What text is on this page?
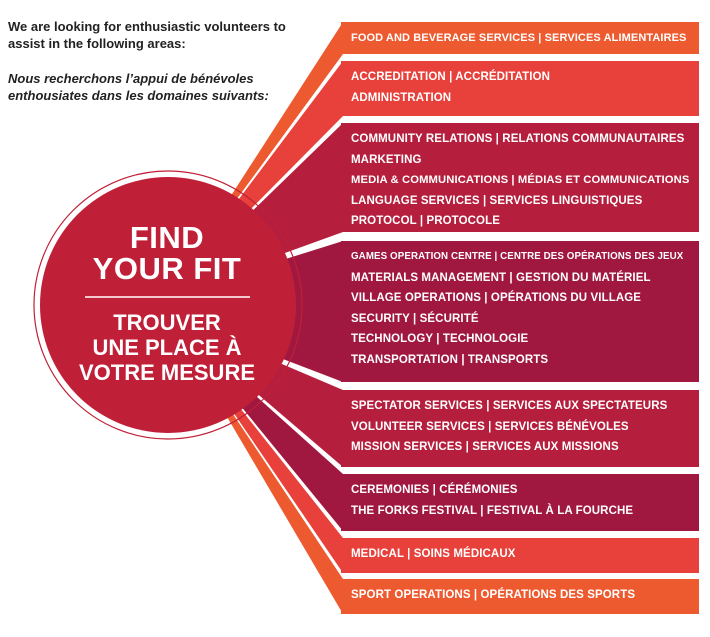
We are looking for enthusiastic volunteers to assist in the following areas:

Nous recherchons l’appui de bénévoles enthousiates dans les domaines suivants:

FIND
YOUR FIT
TROUVER
UNE PLACE À
VOTRE MESURE
FOOD AND BEVERAGE SERVICES | SERVICES ALIMENTAIRES
ACCREDITATION | ACCRÉDITATION
ADMINISTRATION
COMMUNITY RELATIONS | RELATIONS COMMUNAUTAIRES
MARKETING
MEDIA & COMMUNICATIONS | MÉDIAS ET COMMUNICATIONS
LANGUAGE SERVICES | SERVICES LINGUISTIQUES
PROTOCOL | PROTOCOLE
GAMES OPERATION CENTRE | CENTRE DES OPÉRATIONS DES JEUX
MATERIALS MANAGEMENT | GESTION DU MATÉRIEL
VILLAGE OPERATIONS | OPÉRATIONS DU VILLAGE
SECURITY | SÉCURITÉ
TECHNOLOGY | TECHNOLOGIE
TRANSPORTATION | TRANSPORTS
SPECTATOR SERVICES | SERVICES AUX SPECTATEURS
VOLUNTEER SERVICES | SERVICES BÉNÉVOLES
MISSION SERVICES | SERVICES AUX MISSIONS
CEREMONIES | CÉRÉMONIES
THE FORKS FESTIVAL | FESTIVAL À LA FOURCHE
MEDICAL | SOINS MÉDICAUX
SPORT OPERATIONS | OPÉRATIONS DES SPORTS
